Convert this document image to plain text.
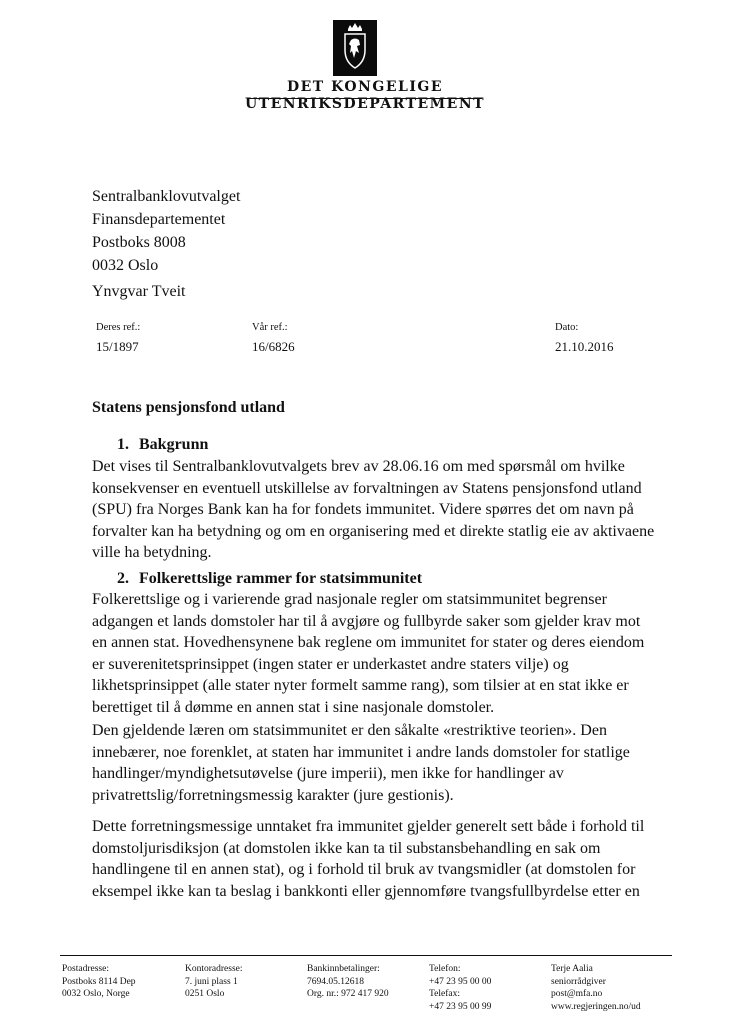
DET KONGELIGE
UTENRIKSDEPARTEMENT
Sentralbanklovutvalget
Finansdepartementet
Postboks 8008
0032 Oslo
Ynvgvar Tveit
Deres ref.:
15/1897
Vår ref.:
16/6826
Dato:
21.10.2016
Statens pensjonsfond utland
1. Bakgrunn
Det vises til Sentralbanklovutvalgets brev av 28.06.16 om med spørsmål om hvilke
konsekvenser en eventuell utskillelse av forvaltningen av Statens pensjonsfond utland
(SPU) fra Norges Bank kan ha for fondets immunitet. Videre spørres det om navn på
forvalter kan ha betydning og om en organisering med et direkte statlig eie av aktivaene
ville ha betydning.
2. Folkerettslige rammer for statsimmunitet
Folkerettslige og i varierende grad nasjonale regler om statsimmunitet begrenser
adgangen et lands domstoler har til å avgjøre og fullbyrde saker som gjelder krav mot
en annen stat. Hovedhensynene bak reglene om immunitet for stater og deres eiendom
er suverenitetsprinsippet (ingen stater er underkastet andre staters vilje) og
likhetsprinsippet (alle stater nyter formelt samme rang), som tilsier at en stat ikke er
berettiget til å dømme en annen stat i sine nasjonale domstoler.
Den gjeldende læren om statsimmunitet er den såkalte «restriktive teorien». Den
innebærer, noe forenklet, at staten har immunitet i andre lands domstoler for statlige
handlinger/myndighetsutøvelse (jure imperii), men ikke for handlinger av
privatrettslig/forretningsmessig karakter (jure gestionis).
Dette forretningsmessige unntaket fra immunitet gjelder generelt sett både i forhold til
domstoljurisdiksjon (at domstolen ikke kan ta til substansbehandling en sak om
handlingene til en annen stat), og i forhold til bruk av tvangsmidler (at domstolen for
eksempel ikke kan ta beslag i bankkonti eller gjennomføre tvangsfullbyrdelse etter en
Postadresse:
Postboks 8114 Dep
0032 Oslo, Norge
Kontoradresse:
7. juni plass 1
0251 Oslo
Bankinnbetalinger:
7694.05.12618
Org. nr.: 972 417 920
Telefon:
+47 23 95 00 00
Telefax:
+47 23 95 00 99
Terje Aalia
seniorrådgiver
post@mfa.no
www.regjeringen.no/ud
